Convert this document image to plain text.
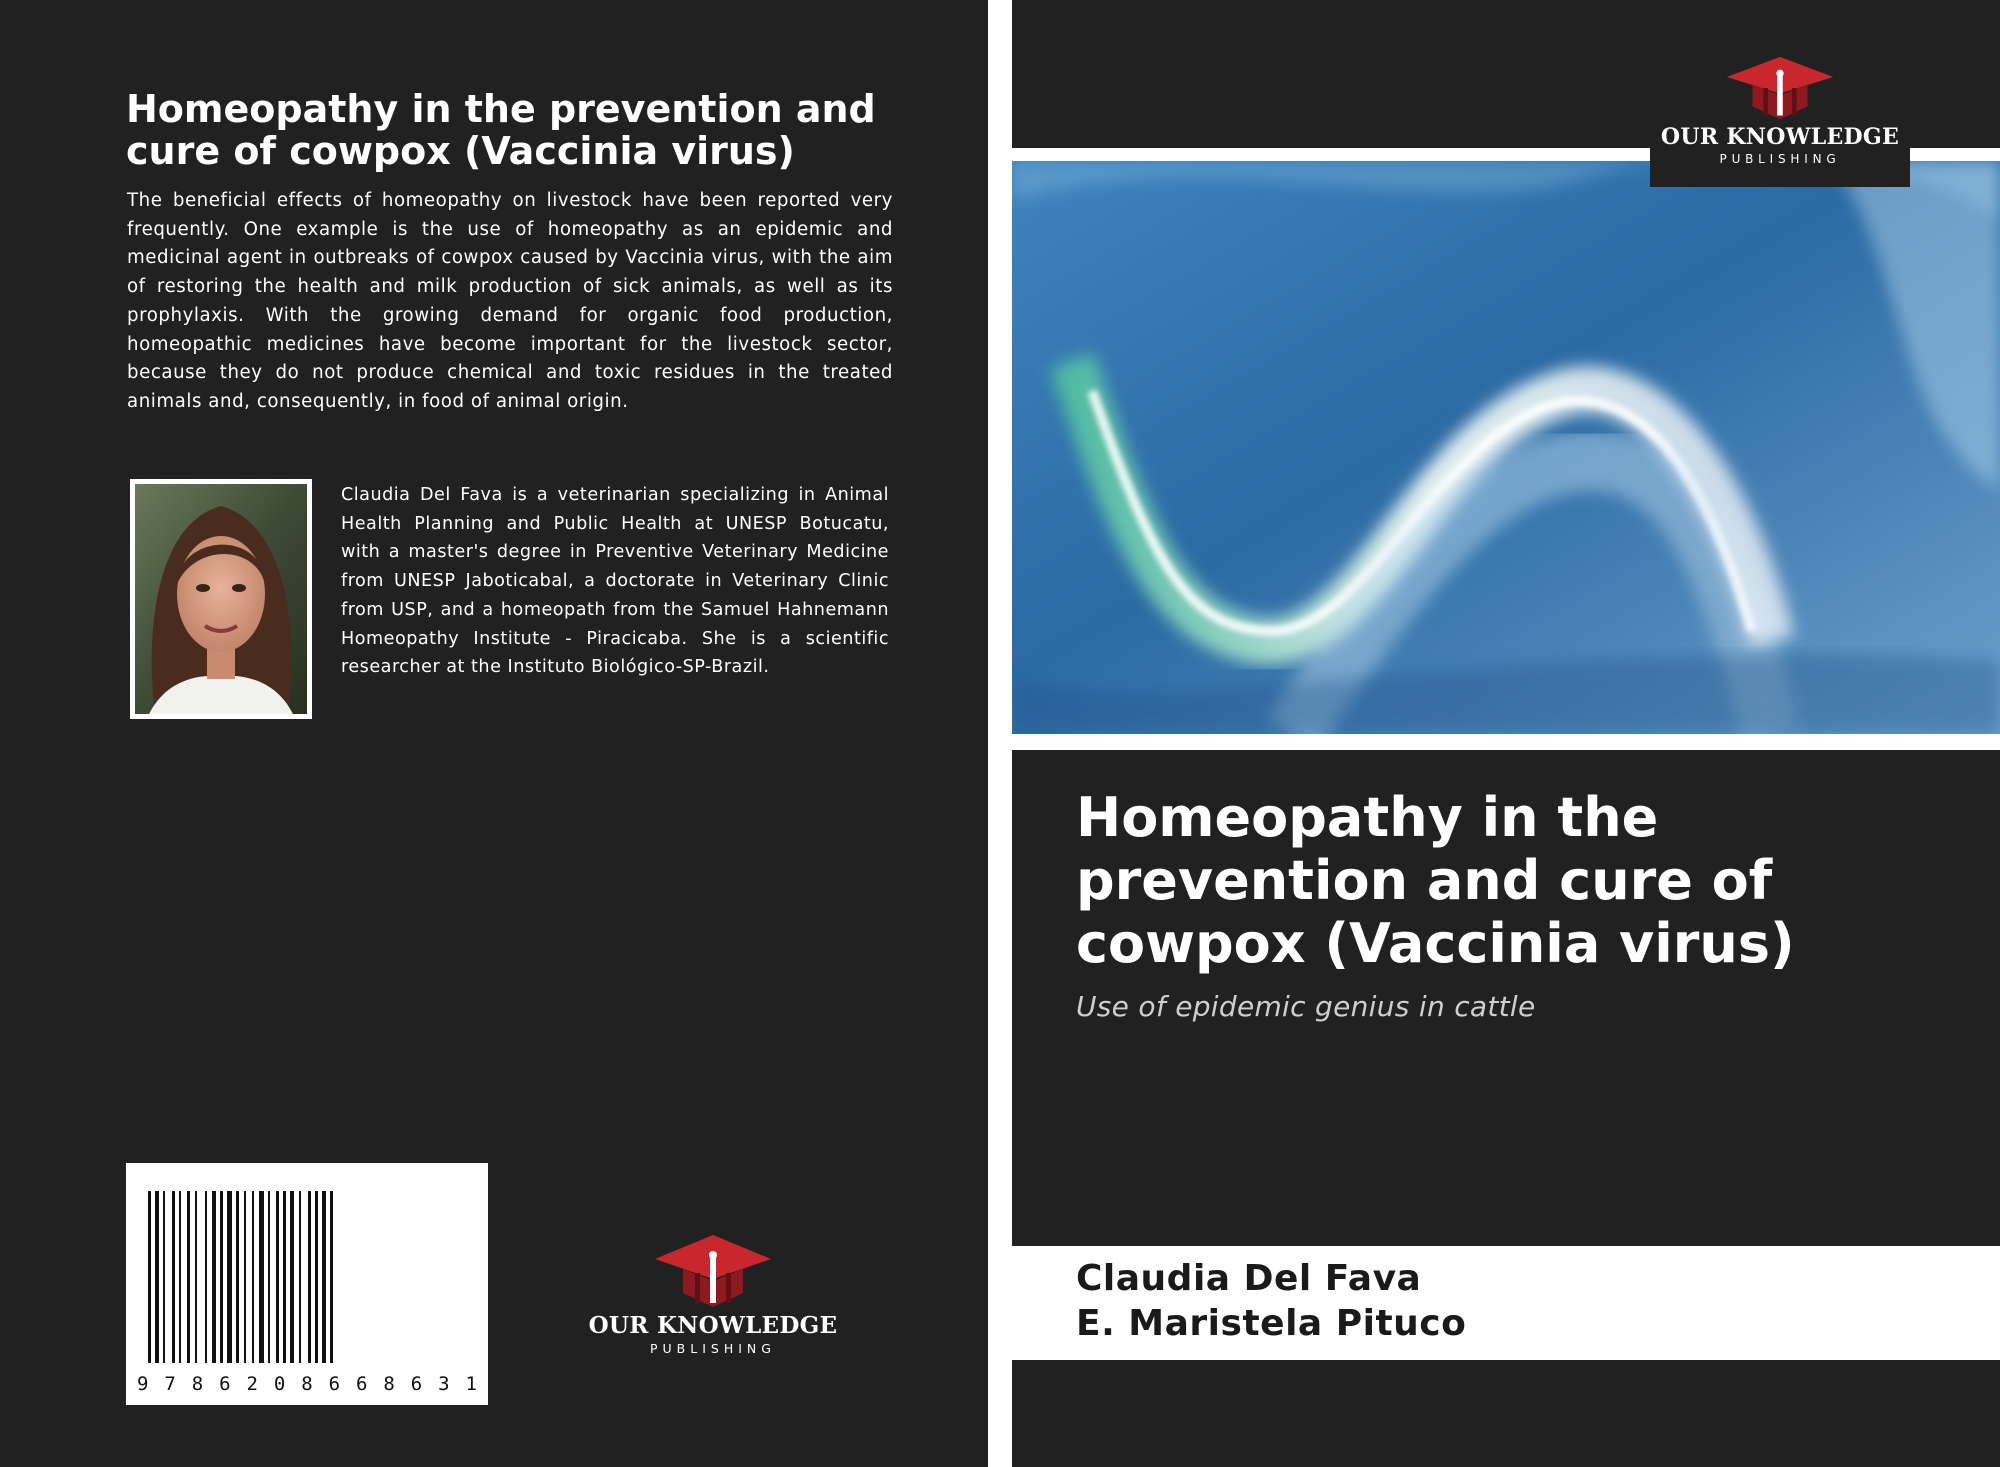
Homeopathy in the prevention and cure of cowpox (Vaccinia virus)

The beneficial effects of homeopathy on livestock have been reported very frequently. One example is the use of homeopathy as an epidemic and medicinal agent in outbreaks of cowpox caused by Vaccinia virus, with the aim of restoring the health and milk production of sick animals, as well as its prophylaxis. With the growing demand for organic food production, homeopathic medicines have become important for the livestock sector, because they do not produce chemical and toxic residues in the treated animals and, consequently, in food of animal origin.

Claudia Del Fava is a veterinarian specializing in Animal Health Planning and Public Health at UNESP Botucatu, with a master's degree in Preventive Veterinary Medicine from UNESP Jaboticabal, a doctorate in Veterinary Clinic from USP, and a homeopath from the Samuel Hahnemann Homeopathy Institute - Piracicaba. She is a scientific researcher at the Instituto Biológico-SP-Brazil.

9 7 8 6 2 0 8 6 6 8 6 3 1
OUR KNOWLEDGE
PUBLISHING
OUR KNOWLEDGE
PUBLISHING
Homeopathy in the prevention and cure of cowpox (Vaccinia virus)

Use of epidemic genius in cattle

Claudia Del Fava

E. Maristela Pituco
